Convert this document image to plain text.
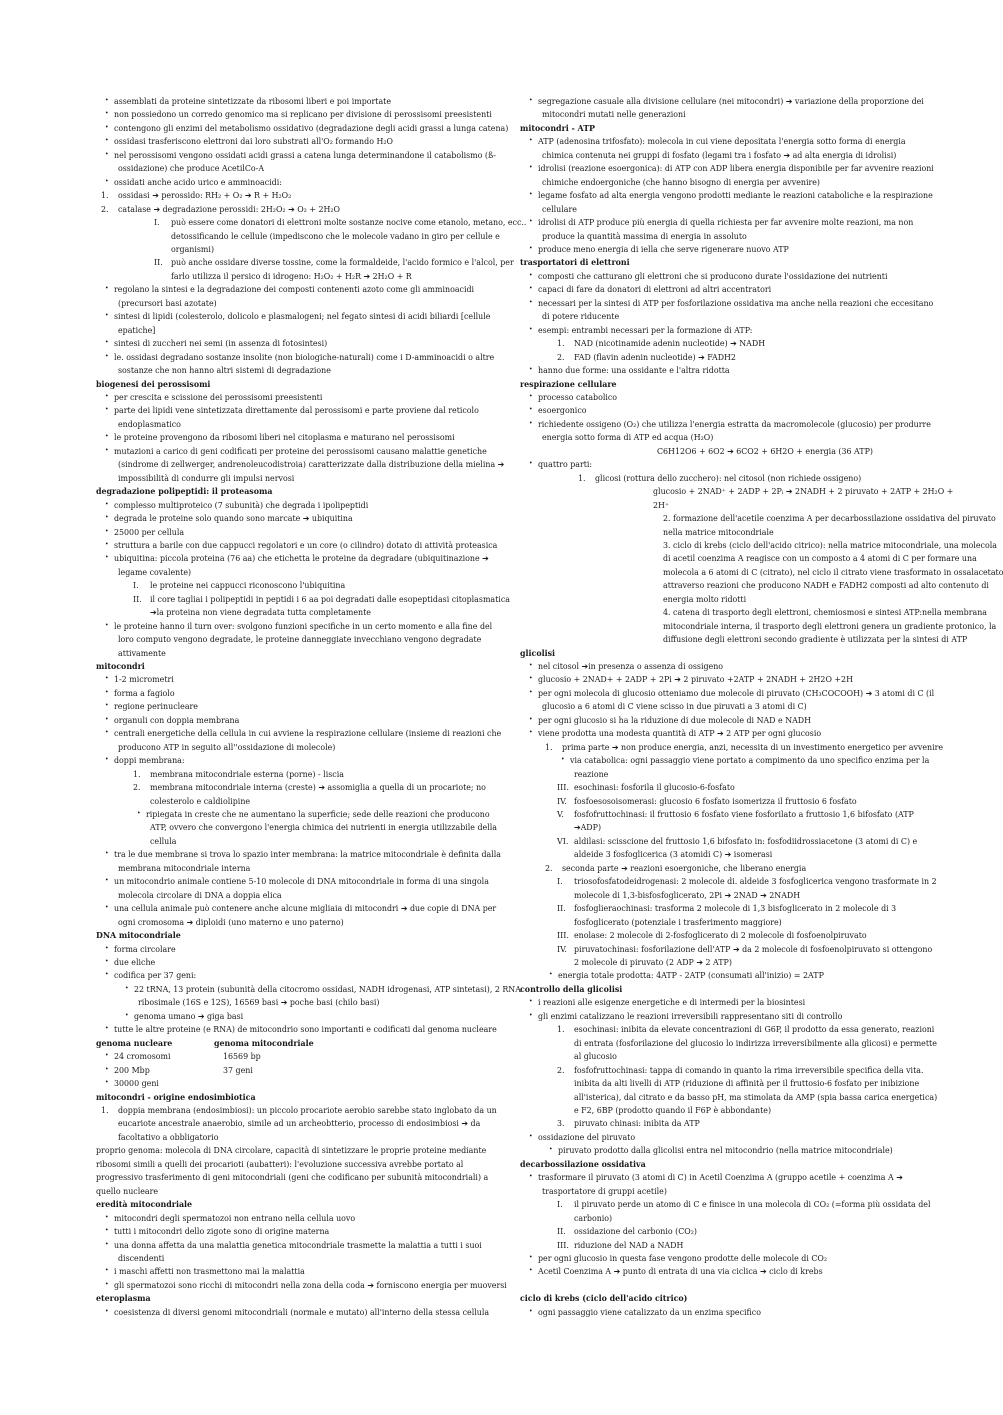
• assemblati da proteine sintetizzate da ribosomi liberi e poi importate
• non possiedono un corredo genomico ma si replicano per divisione di perossisomi preesistenti
• contengono gli enzimi del metabolismo ossidativo (degradazione degli acidi grassi a lunga catena)
• ossidasi trasferiscono elettroni dai loro substrati all'O₂ formando H₂O
• nel perossisomi vengono ossidati acidi grassi a catena lunga determinandone il catabolismo (ß-
ossidazione) che produce AcetilCo-A
• ossidati anche acido urico e amminoacidi:
1. ossidasi ➔ perossido: RH₂ + O₂ ➔ R + H₂O₂
2. catalase ➔ degradazione perossidi: 2H₂O₂ ➔ O₂ + 2H₂O
I. può essere come donatori di elettroni molte sostanze nocive come etanolo, metano, ecc..
detossificando le cellule (impediscono che le molecole vadano in giro per cellule e
organismi)
II. può anche ossidare diverse tossine, come la formaldeide, l'acido formico e l'alcol, per
farlo utilizza il persico di idrogeno: H₂O₂ + H₂R ➔ 2H₂O + R
• regolano la sintesi e la degradazione dei composti contenenti azoto come gli amminoacidi
(precursori basi azotate)
• sintesi di lipidi (colesterolo, dolicolo e plasmalogeni; nel fegato sintesi di acidi biliardi [cellule
epatiche]
• sintesi di zuccheri nei semi (in assenza di fotosintesi)
• le. ossidasi degradano sostanze insolite (non biologiche-naturali) come i D-amminoacidi o altre
sostanze che non hanno altri sistemi di degradazione
biogenesi dei perossisomi
• per crescita e scissione dei perossisomi preesistenti
• parte dei lipidi vene sintetizzata direttamente dal perossisomi e parte proviene dal reticolo
endoplasmatico
• le proteine provengono da ribosomi liberi nel citoplasma e maturano nel perossisomi
• mutazioni a carico di geni codificati per proteine dei perossisomi causano malattie genetiche
(sindrome di zellwerger, andrenoleucodistroia) caratterizzate dalla distribuzione della mielina ➔
impossibilità di condurre gli impulsi nervosi
degradazione polipeptidi: il proteasoma
• complesso multiproteico (7 subunità) che degrada i ipolipeptidi
• degrada le proteine solo quando sono marcate ➔ ubiquitina
• 25000 per cellula
• struttura a barile con due cappucci regolatori e un core (o cilindro) dotato di attività proteasica
• ubiquitina: piccola proteina (76 aa) che etichetta le proteine da degradare (ubiquitinazione ➔
legame covalente)
I. le proteine nei cappucci riconoscono l'ubiquitina
II. il core tagliai i polipeptidi in peptidi i 6 aa poi degradati dalle esopeptidasi citoplasmatica
➔la proteina non viene degradata tutta completamente
• le proteine hanno il turn over: svolgono funzioni specifiche in un certo momento e alla fine del
loro computo vengono degradate, le proteine danneggiate invecchiano vengono degradate
attivamente
mitocondri
• 1-2 micrometri
• forma a fagiolo
• regione perinucleare
• organuli con doppia membrana
• centrali energetiche della cellula in cui avviene la respirazione cellulare (insieme di reazioni che
producono ATP in seguito all''ossidazione di molecole)
• doppi membrana:
1. membrana mitocondriale esterna (porne) - liscia
2. membrana mitocondriale interna (creste) ➔ assomiglia a quella di un procariote; no
colesterolo e caldiolipine
• ripiegata in creste che ne aumentano la superficie; sede delle reazioni che producono
ATP, ovvero che convergono l'energia chimica dei nutrienti in energia utilizzabile della
cellula
• tra le due membrane si trova lo spazio inter membrana: la matrice mitocondriale è definita dalla
membrana mitocondriale interna
• un mitocondrio animale contiene 5-10 molecole di DNA mitocondriale in forma di una singola
molecola circolare di DNA a doppia elica
• una cellula animale può contenere anche alcune migliaia di mitocondri ➔ due copie di DNA per
ogni cromosoma ➔ diploidi (uno materno e uno paterno)
DNA mitocondriale
• forma circolare
• due eliche
• codifica per 37 geni:
• 22 tRNA, 13 protein (subunità della citocromo ossidasi, NADH idrogenasi, ATP sintetasi), 2 RNA
ribosimale (16S e 12S), 16569 basi ➔ poche basi (chilo basi)
• genoma umano ➔ giga basi
• tutte le altre proteine (e RNA) de mitocondrio sono importanti e codificati dal genoma nucleare
genoma nucleare	genoma mitocondriale
• 24 cromosomi	16569 bp
• 200 Mbp	37 geni
• 30000 geni
mitocondri - origine endosimbiotica
1. doppia membrana (endosimbiosi): un piccolo procariote aerobio sarebbe stato inglobato da un
eucariote ancestrale anaerobio, simile ad un archeobtterio, processo di endosimbiosi ➔ da
facoltativo a obbligatorio
proprio genoma: molecola di DNA circolare, capacità di sintetizzare le proprie proteine mediante
ribosomi simili a quelli dei procarioti (aubatteri): l'evoluzione successiva avrebbe portato al
progressivo trasferimento di geni mitocondriali (geni che codificano per subunità mitocondriali) a
quello nucleare
eredità mitocondriale
• mitocondri degli spermatozoi non entrano nella cellula uovo
• tutti i mitocondri dello zigote sono di origine materna
• una donna affetta da una malattia genetica mitocondriale trasmette la malattia a tutti i suoi
discendenti
• i maschi affetti non trasmettono mai la malattia
• gli spermatozoi sono ricchi di mitocondri nella zona della coda ➔ forniscono energia per muoversi
eteroplasma
• coesistenza di diversi genomi mitocondriali (normale e mutato) all'interno della stessa cellula
• segregazione casuale alla divisione cellulare (nei mitocondri) ➔ variazione della proporzione dei
mitocondri mutati nelle generazioni
mitocondri - ATP
• ATP (adenosina trifosfato): molecola in cui viene depositata l'energia sotto forma di energia
chimica contenuta nei gruppi di fosfato (legami tra i fosfato ➔ ad alta energia di idrolisi)
• idrolisi (reazione esoergonica): di ATP con ADP libera energia disponibile per far avvenire reazioni
chimiche endoergoniche (che hanno bisogno di energia per avvenire)
• legame fosfato ad alta energia vengono prodotti mediante le reazioni cataboliche e la respirazione
cellulare
• idrolisi di ATP produce più energia di quella richiesta per far avvenire molte reazioni, ma non
produce la quantità massima di energia in assoluto
• produce meno energia di iella che serve rigenerare nuovo ATP
trasportatori di elettroni
• composti che catturano gli elettroni che si producono durate l'ossidazione dei nutrienti
• capaci di fare da donatori di elettroni ad altri accentratori
• necessari per la sintesi di ATP per fosforilazione ossidativa ma anche nella reazioni che eccesitano
di potere riducente
• esempi: entrambi necessari per la formazione di ATP:
1. NAD (nicotinamide adenin nucleotide) ➔ NADH
2. FAD (flavin adenin nucleotide) ➔ FADH2
• hanno due forme: una ossidante e l'altra ridotta
respirazione cellulare
• processo catabolico
• esoergonico
• richiedente ossigeno (O₂) che utilizza l'energia estratta da macromolecole (glucosio) per produrre
energia sotto forma di ATP ed acqua (H₂O)
C6H12O6 + 6O2 ➔ 6CO2 + 6H2O + energia (36 ATP)
• quattro parti:
1. glicosi (rottura dello zucchero): nel citosol (non richiede ossigeno)
glucosio + 2NAD⁺ + 2ADP + 2Pᵢ ➔ 2NADH + 2 piruvato + 2ATP + 2H₂O +
2H⁺
2. formazione dell'acetile coenzima A per decarbossilazione ossidativa del piruvato
nella matrice mitocondriale
3. ciclo di krebs (ciclo dell'acido citrico): nella matrice mitocondriale, una molecola
di acetil coenzima A reagisce con un composto a 4 atomi di C per formare una
molecola a 6 atomi di C (citrato), nel ciclo il citrato viene trasformato in ossalacetato
attraverso reazioni che producono NADH e FADH2 composti ad alto contenuto di
energia molto ridotti
4. catena di trasporto degli elettroni, chemiosmosi e sintesi ATP:nella membrana
mitocondriale interna, il trasporto degli elettroni genera un gradiente protonico, la
diffusione degli elettroni secondo gradiente è utilizzata per la sintesi di ATP
glicolisi
• nel citosol ➔in presenza o assenza di ossigeno
• glucosio + 2NAD+ + 2ADP + 2Pi ➔ 2 piruvato +2ATP + 2NADH + 2H2O +2H
• per ogni molecola di glucosio otteniamo due molecole di piruvato (CH₃COCOOH) ➔ 3 atomi di C (il
glucosio a 6 atomi di C viene scisso in due piruvati a 3 atomi di C)
• per ogni glucosio si ha la riduzione di due molecole di NAD e NADH
• viene prodotta una modesta quantità di ATP ➔ 2 ATP per ogni glucosio
1. prima parte ➔ non produce energia, anzi, necessita di un investimento energetico per avvenire
• via catabolica: ogni passaggio viene portato a compimento da uno specifico enzima per la
reazione
III. esochinasi: fosforila il glucosio-6-fosfato
IV. fosfoesosoisomerasi: glucosio 6 fosfato isomerizza il fruttosio 6 fosfato
V. fosfofruttochinasi: il fruttosio 6 fosfato viene fosforilato a fruttosio 1,6 bifosfato (ATP
➔ADP)
VI. aldilasi: scisscione del fruttosio 1,6 bifosfato in: fosfodiidrossiacetone (3 atomi di C) e
aldeide 3 fosfoglicerica (3 atomidi C) ➔ isomerasi
2. seconda parte ➔ reazioni esoergoniche, che liberano energia
I. triosofosfatodeidrogenasi: 2 molecole di. aldeide 3 fosfoglicerica vengono trasformate in 2
molecole di 1,3-bisfosfoglicerato, 2Pi ➔ 2NAD ➔ 2NADH
II. fosfoglieraochinasi: trasforma 2 molecole di 1,3 bisfoglicerato in 2 molecole di 3
fosfoglicerato (potenziale i trasferimento maggiore)
III. enolase: 2 molecole di 2-fosfoglicerato di 2 molecole di fosfoenolpiruvato
IV. piruvatochinasi: fosforilazione dell'ATP ➔ da 2 molecole di fosfoenolpiruvato si ottengono
2 molecole di piruvato (2 ADP ➔ 2 ATP)
• energia totale prodotta: 4ATP - 2ATP (consumati all'inizio) = 2ATP
controllo della glicolisi
• i reazioni alle esigenze energetiche e di intermedi per la biosintesi
• gli enzimi catalizzano le reazioni irreversibili rappresentano siti di controllo
1. esochinasi: inibita da elevate concentrazioni di G6P, il prodotto da essa generato, reazioni
di entrata (fosforilazione del glucosio lo indirizza irreversibilmente alla glicosi) e permette
al glucosio
2. fosfofruttochinasi: tappa di comando in quanto la rima irreversibile specifica della vita.
inibita da alti livelli di ATP (riduzione di affinità per il fruttosio-6 fosfato per inibizione
all'isterica), dal citrato e da basso pH, ma stimolata da AMP (spia bassa carica energetica)
e F2, 6BP (prodotto quando il F6P è abbondante)
3. piruvato chinasi: inibita da ATP
• ossidazione del piruvato
• piruvato prodotto dalla glicolisi entra nel mitocondrio (nella matrice mitocondriale)
decarbossilazione ossidativa
• trasformare il piruvato (3 atomi di C) in Acetil Coenzima A (gruppo acetile + coenzima A ➔
trasportatore di gruppi acetile)
I. il piruvato perde un atomo di C e finisce in una molecola di CO₂ (=forma più ossidata del
carbonio)
II. ossidazione del carbonio (CO₂)
III. riduzione del NAD a NADH
• per ogni glucosio in questa fase vengono prodotte delle molecole di CO₂
• Acetil Coenzima A ➔ punto di entrata di una via ciclica ➔ ciclo di krebs
ciclo di krebs (ciclo dell'acido citrico)
• ogni passaggio viene catalizzato da un enzima specifico
